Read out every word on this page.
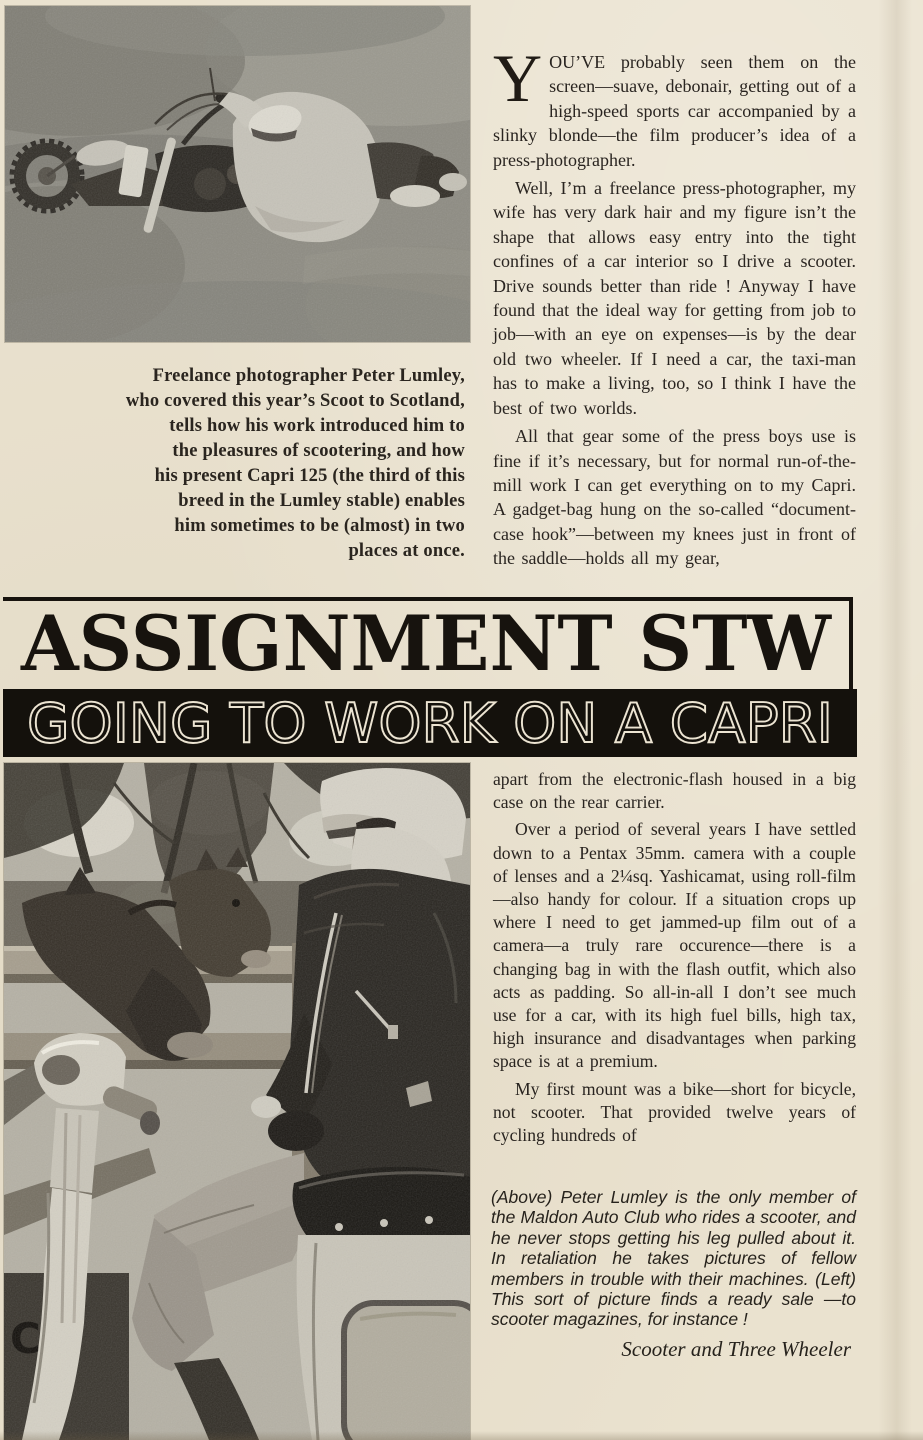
Freelance photographer Peter Lumley,
who covered this year’s Scoot to Scotland,
tells how his work introduced him to
the pleasures of scootering, and how
his present Capri 125 (the third of this
breed in the Lumley stable) enables
him sometimes to be (almost) in two
places at once.

YOU’VE probably seen them on the screen—suave, debonair, getting out of a high-speed sports car accompanied by a slinky blonde—the film producer’s idea of a press-photographer.

Well, I’m a freelance press-photographer, my wife has very dark hair and my figure isn’t the shape that allows easy entry into the tight confines of a car interior so I drive a scooter. Drive sounds better than ride ! Anyway I have found that the ideal way for getting from job to job—with an eye on expenses—is by the dear old two wheeler. If I need a car, the taxi-man has to make a living, too, so I think I have the best of two worlds.

All that gear some of the press boys use is fine if it’s necessary, but for normal run-of-the-mill work I can get everything on to my Capri. A gadget-bag hung on the so-called “document-case hook”—between my knees just in front of the saddle—holds all my gear,

ASSIGNMENT STW
GOING TO WORK ON A CAPRI
C

apart from the electronic-flash housed in a big case on the rear carrier.

Over a period of several years I have settled down to a Pentax 35mm. camera with a couple of lenses and a 2¼sq. Yashicamat, using roll-film—also handy for colour. If a situation crops up where I need to get jammed-up film out of a camera—a truly rare occurence—there is a changing bag in with the flash outfit, which also acts as padding. So all-in-all I don’t see much use for a car, with its high fuel bills, high tax, high insurance and disadvantages when parking space is at a premium.

My first mount was a bike—short for bicycle, not scooter. That provided twelve years of cycling hundreds of

(Above) Peter Lumley is the only member of the Maldon Auto Club who rides a scooter, and he never stops getting his leg pulled about it. In retaliation he takes pictures of fellow members in trouble with their machines. (Left) This sort of picture finds a ready sale —to scooter magazines, for instance !
Scooter and Three Wheeler
